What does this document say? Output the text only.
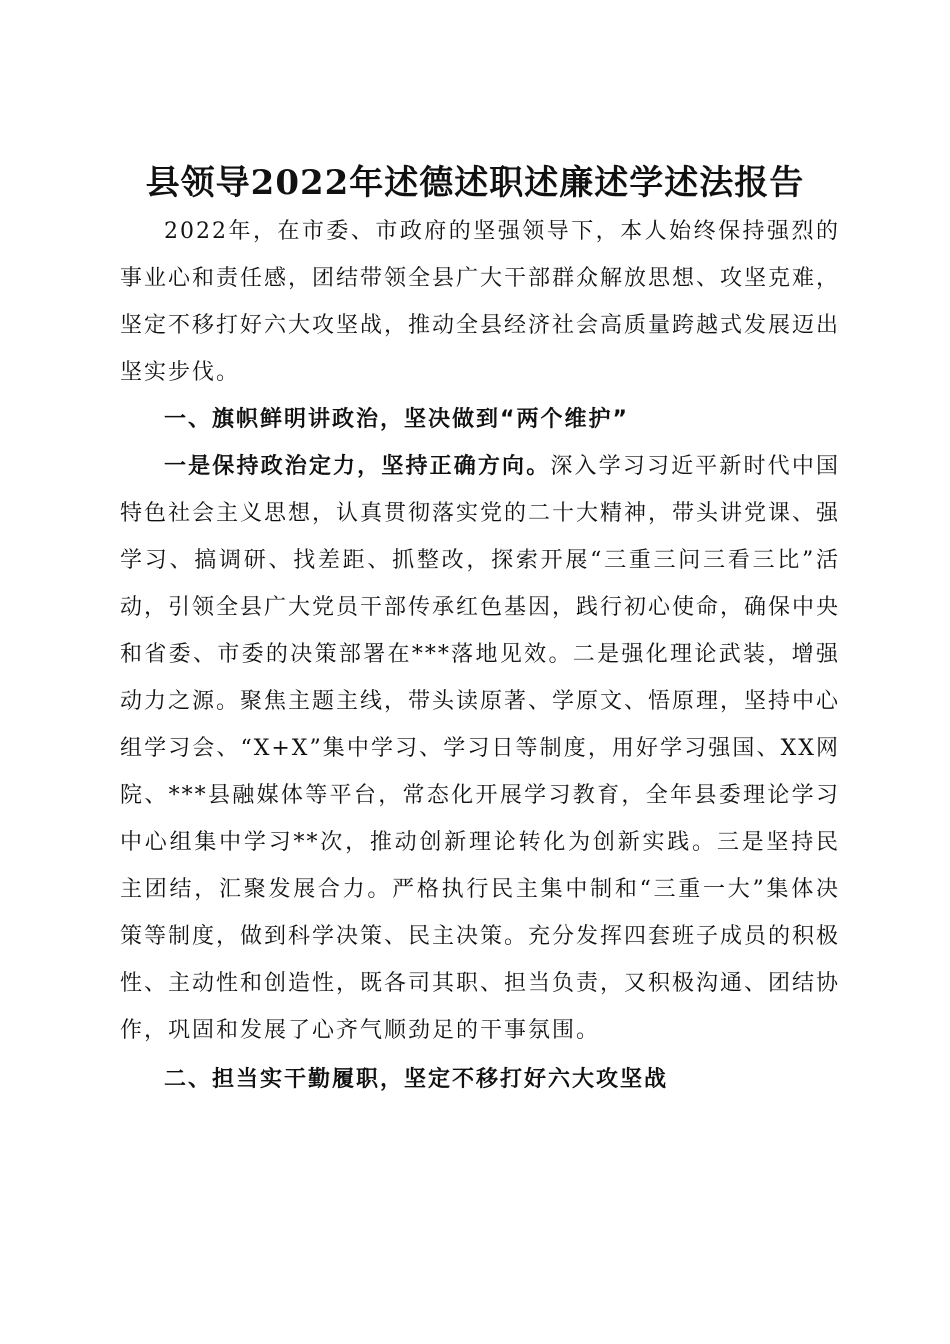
县领导2022年述德述职述廉述学述法报告

2022年，在市委、市政府的坚强领导下，本人始终保持强烈的事业心和责任感，团结带领全县广大干部群众解放思想、攻坚克难，坚定不移打好六大攻坚战，推动全县经济社会高质量跨越式发展迈出坚实步伐。

一、旗帜鲜明讲政治，坚决做到“两个维护”

一是保持政治定力，坚持正确方向。深入学习习近平新时代中国特色社会主义思想，认真贯彻落实党的二十大精神，带头讲党课、强学习、搞调研、找差距、抓整改，探索开展“三重三问三看三比”活动，引领全县广大党员干部传承红色基因，践行初心使命，确保中央和省委、市委的决策部署在***落地见效。二是强化理论武装，增强动力之源。聚焦主题主线，带头读原著、学原文、悟原理，坚持中心组学习会、“X+X”集中学习、学习日等制度，用好学习强国、XX网院、***县融媒体等平台，常态化开展学习教育，全年县委理论学习中心组集中学习**次，推动创新理论转化为创新实践。三是坚持民主团结，汇聚发展合力。严格执行民主集中制和“三重一大”集体决策等制度，做到科学决策、民主决策。充分发挥四套班子成员的积极性、主动性和创造性，既各司其职、担当负责，又积极沟通、团结协作，巩固和发展了心齐气顺劲足的干事氛围。

二、担当实干勤履职，坚定不移打好六大攻坚战
